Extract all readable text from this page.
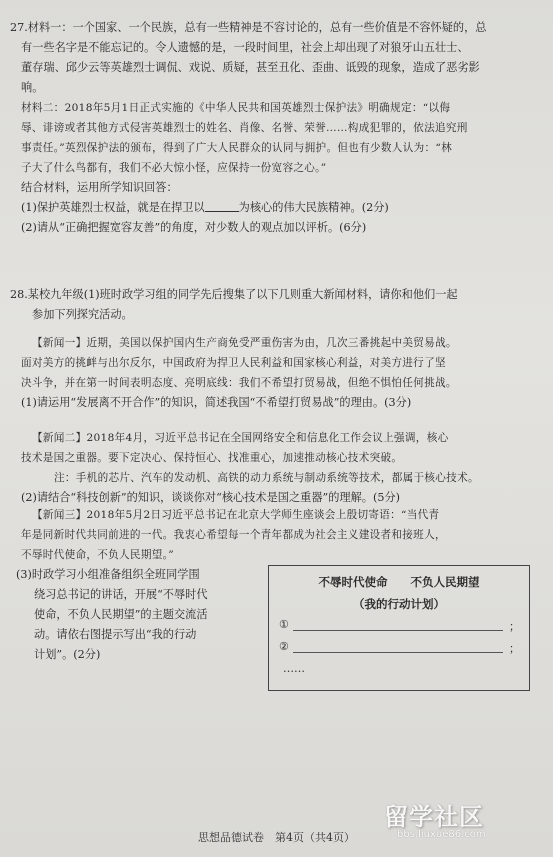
27.材料一：一个国家、一个民族，总有一些精神是不容讨论的，总有一些价值是不容怀疑的，总

有一些名字是不能忘记的。令人遗憾的是，一段时间里，社会上却出现了对狼牙山五壮士、

董存瑞、邱少云等英雄烈士调侃、戏说、质疑，甚至丑化、歪曲、诋毁的现象，造成了恶劣影

响。

材料二：2018年5月1日正式实施的《中华人民共和国英雄烈士保护法》明确规定：“以侮

辱、诽谤或者其他方式侵害英雄烈士的姓名、肖像、名誉、荣誉……构成犯罪的，依法追究刑

事责任。”英烈保护法的颁布，得到了广大人民群众的认同与拥护。但也有少数人认为：“林

子大了什么鸟都有，我们不必大惊小怪，应保持一份宽容之心。”

结合材料，运用所学知识回答：

(1)保护英雄烈士权益，就是在捍卫以	为核心的伟大民族精神。(2分)

(2)请从“正确把握宽容友善”的角度，对少数人的观点加以评析。(6分)

28.某校九年级(1)班时政学习组的同学先后搜集了以下几则重大新闻材料，请你和他们一起

参加下列探究活动。

【新闻一】近期，美国以保护国内生产商免受严重伤害为由，几次三番挑起中美贸易战。

面对美方的挑衅与出尔反尔，中国政府为捍卫人民利益和国家核心利益，对美方进行了坚

决斗争，并在第一时间表明态度、亮明底线：我们不希望打贸易战，但绝不惧怕任何挑战。

(1)请运用“发展离不开合作”的知识，简述我国“不希望打贸易战”的理由。(3分)

【新闻二】2018年4月，习近平总书记在全国网络安全和信息化工作会议上强调，核心

技术是国之重器。要下定决心、保持恒心、找准重心，加速推动核心技术突破。

注：手机的芯片、汽车的发动机、高铁的动力系统与制动系统等技术，都属于核心技术。

(2)请结合“科技创新”的知识，谈谈你对“核心技术是国之重器”的理解。(5分)

【新闻三】2018年5月2日习近平总书记在北京大学师生座谈会上殷切寄语：“当代青

年是同新时代共同前进的一代。我衷心希望每一个青年都成为社会主义建设者和接班人，

不辱时代使命，不负人民期望。”

(3)时政学习小组准备组织全班同学围

绕习总书记的讲话，开展“不辱时代

使命，不负人民期望”的主题交流活

动。请依右图提示写出“我的行动

计划”。(2分)

不辱时代使命　　不负人民期望
（我的行动计划）
①	；
②	；
……
思想品德试卷　第4页（共4页）
留学社区
bbs.liuxue86.com
